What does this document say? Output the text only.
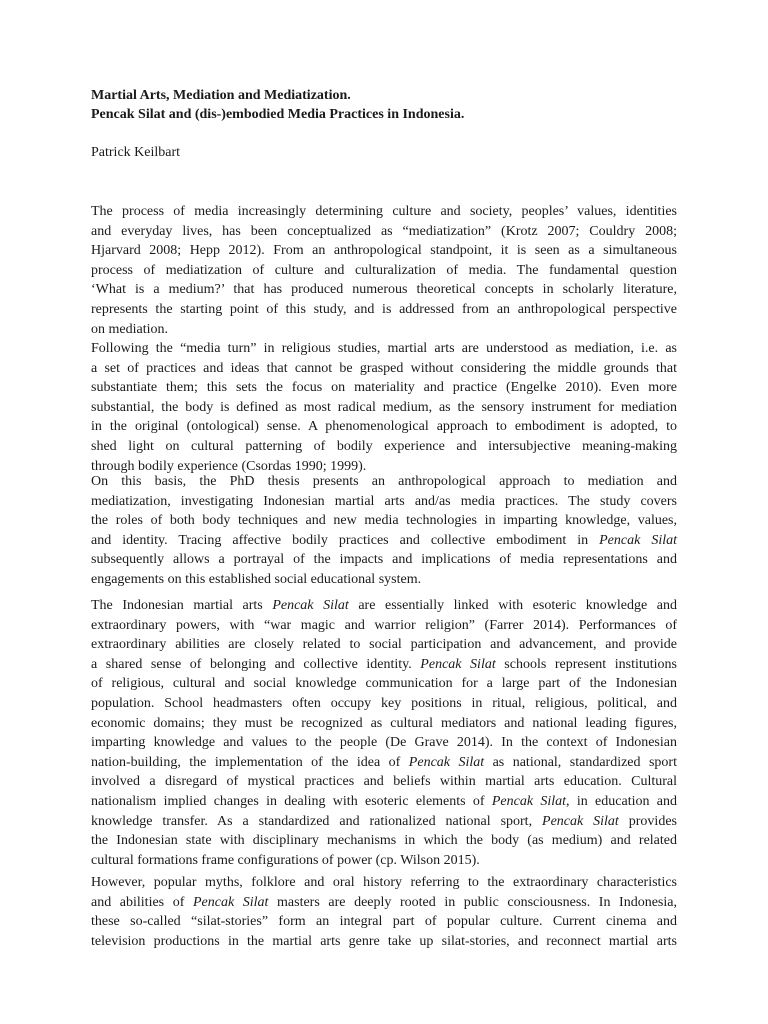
Martial Arts, Mediation and Mediatization.
Pencak Silat and (dis-)embodied Media Practices in Indonesia.
Patrick Keilbart
The process of media increasingly determining culture and society, peoples’ values, identities
and everyday lives, has been conceptualized as “mediatization” (Krotz 2007; Couldry 2008;
Hjarvard 2008; Hepp 2012). From an anthropological standpoint, it is seen as a simultaneous
process of mediatization of culture and culturalization of media. The fundamental question
‘What is a medium?’ that has produced numerous theoretical concepts in scholarly literature,
represents the starting point of this study, and is addressed from an anthropological perspective
on mediation.
Following the “media turn” in religious studies, martial arts are understood as mediation, i.e. as
a set of practices and ideas that cannot be grasped without considering the middle grounds that
substantiate them; this sets the focus on materiality and practice (Engelke 2010). Even more
substantial, the body is defined as most radical medium, as the sensory instrument for mediation
in the original (ontological) sense. A phenomenological approach to embodiment is adopted, to
shed light on cultural patterning of bodily experience and intersubjective meaning-making
through bodily experience (Csordas 1990; 1999).
On this basis, the PhD thesis presents an anthropological approach to mediation and
mediatization, investigating Indonesian martial arts and/as media practices. The study covers
the roles of both body techniques and new media technologies in imparting knowledge, values,
and identity. Tracing affective bodily practices and collective embodiment in Pencak Silat
subsequently allows a portrayal of the impacts and implications of media representations and
engagements on this established social educational system.
The Indonesian martial arts Pencak Silat are essentially linked with esoteric knowledge and
extraordinary powers, with “war magic and warrior religion” (Farrer 2014). Performances of
extraordinary abilities are closely related to social participation and advancement, and provide
a shared sense of belonging and collective identity. Pencak Silat schools represent institutions
of religious, cultural and social knowledge communication for a large part of the Indonesian
population. School headmasters often occupy key positions in ritual, religious, political, and
economic domains; they must be recognized as cultural mediators and national leading figures,
imparting knowledge and values to the people (De Grave 2014). In the context of Indonesian
nation-building, the implementation of the idea of Pencak Silat as national, standardized sport
involved a disregard of mystical practices and beliefs within martial arts education. Cultural
nationalism implied changes in dealing with esoteric elements of Pencak Silat, in education and
knowledge transfer. As a standardized and rationalized national sport, Pencak Silat provides
the Indonesian state with disciplinary mechanisms in which the body (as medium) and related
cultural formations frame configurations of power (cp. Wilson 2015).
However, popular myths, folklore and oral history referring to the extraordinary characteristics
and abilities of Pencak Silat masters are deeply rooted in public consciousness. In Indonesia,
these so-called “silat-stories” form an integral part of popular culture. Current cinema and
television productions in the martial arts genre take up silat-stories, and reconnect martial arts
